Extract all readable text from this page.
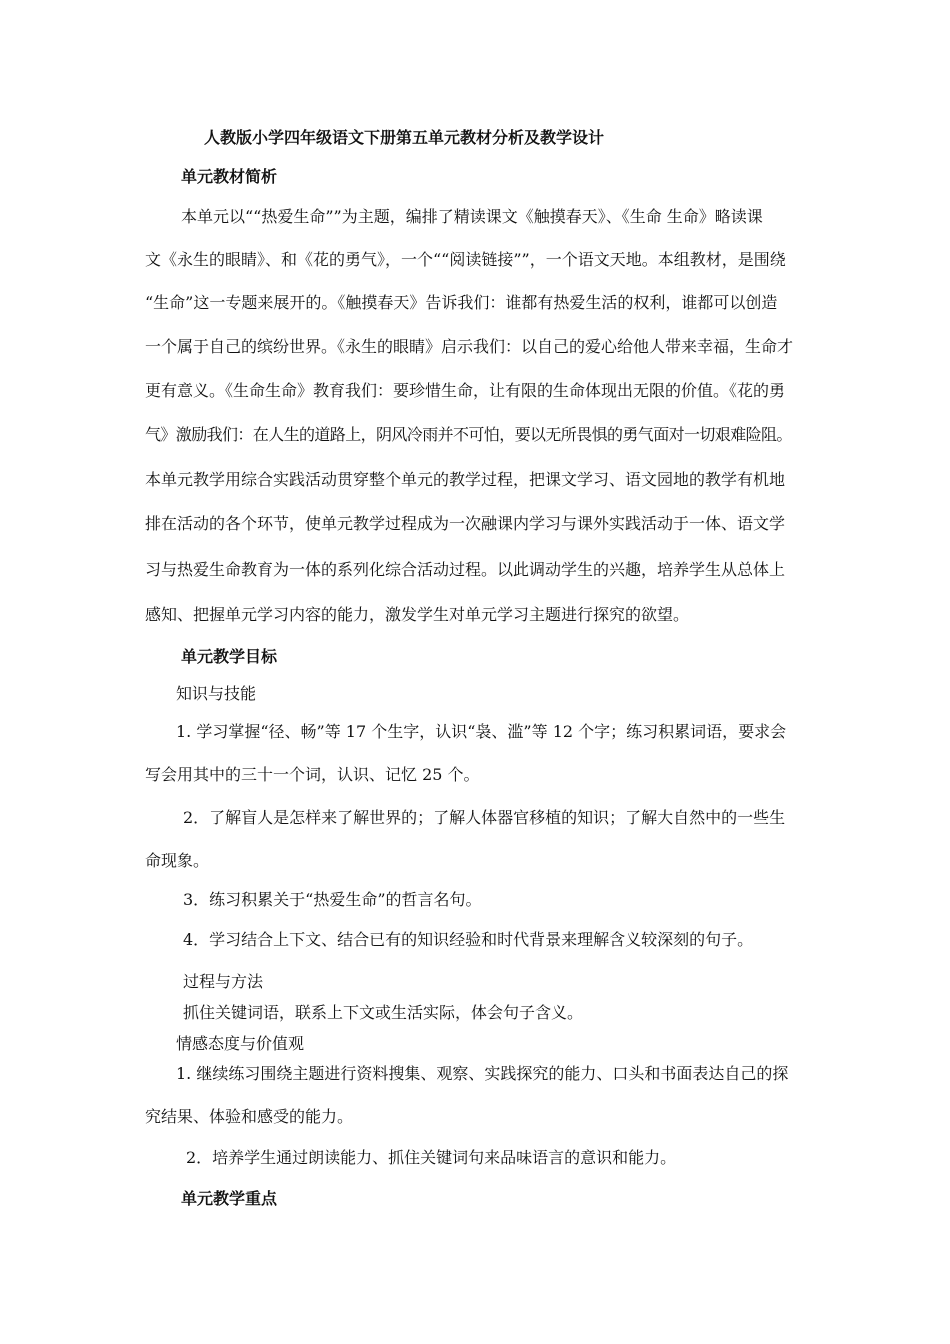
人教版小学四年级语文下册第五单元教材分析及教学设计
单元教材简析
本单元以““热爱生命””为主题，编排了精读课文《触摸春天》、《生命 生命》略读课
文《永生的眼睛》、和《花的勇气》，一个““阅读链接””，一个语文天地。本组教材，是围绕
“生命”这一专题来展开的。《触摸春天》告诉我们：谁都有热爱生活的权利，谁都可以创造
一个属于自己的缤纷世界。《永生的眼睛》启示我们：以自己的爱心给他人带来幸福，生命才
更有意义。《生命生命》教育我们：要珍惜生命，让有限的生命体现出无限的价值。《花的勇
气》激励我们：在人生的道路上，阴风冷雨并不可怕，要以无所畏惧的勇气面对一切艰难险阻。
本单元教学用综合实践活动贯穿整个单元的教学过程，把课文学习、语文园地的教学有机地
排在活动的各个环节，使单元教学过程成为一次融课内学习与课外实践活动于一体、语文学
习与热爱生命教育为一体的系列化综合活动过程。以此调动学生的兴趣，培养学生从总体上
感知、把握单元学习内容的能力，激发学生对单元学习主题进行探究的欲望。
单元教学目标
知识与技能
1. 学习掌握“径、畅”等 17 个生字，认识“袅、滥”等 12 个字；练习积累词语，要求会
写会用其中的三十一个词，认识、记忆 25 个。
2．了解盲人是怎样来了解世界的；了解人体器官移植的知识；了解大自然中的一些生
命现象。
3．练习积累关于“热爱生命”的哲言名句。
4．学习结合上下文、结合已有的知识经验和时代背景来理解含义较深刻的句子。
过程与方法
抓住关键词语，联系上下文或生活实际，体会句子含义。
情感态度与价值观
1. 继续练习围绕主题进行资料搜集、观察、实践探究的能力、口头和书面表达自己的探
究结果、体验和感受的能力。
2．培养学生通过朗读能力、抓住关键词句来品味语言的意识和能力。
单元教学重点
